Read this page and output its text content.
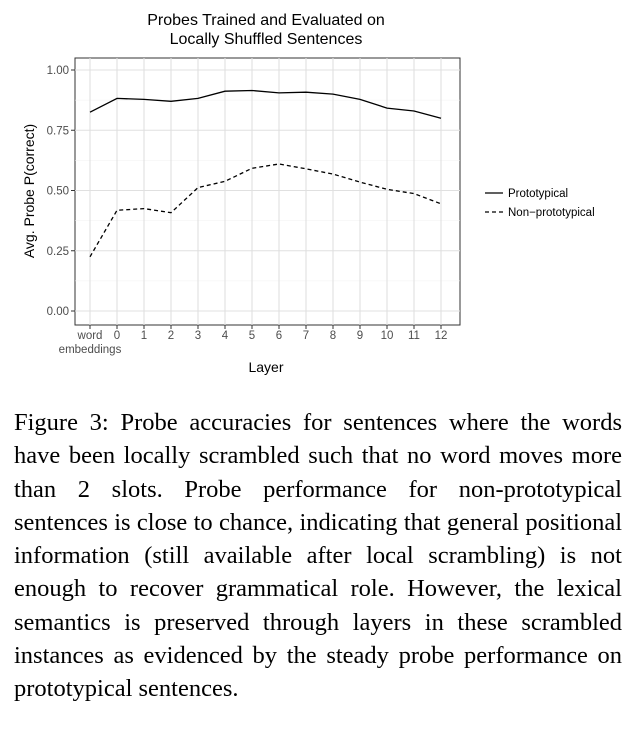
Probes Trained and Evaluated on Locally Shuffled Sentences
0.00
0.25
0.50
0.75
1.00
word embeddings
0 1 2 3 4 5 6 7 8 9 10 11 12
Layer
Avg. Probe P(correct)	Prototypical
Non−prototypical

Figure 3: Probe accuracies for sentences where the words have been locally scrambled such that no word moves more than 2 slots. Probe performance for non-prototypical sentences is close to chance, indicating that general positional information (still available after local scrambling) is not enough to recover grammatical role. However, the lexical semantics is preserved through layers in these scrambled instances as evidenced by the steady probe performance on prototypical sentences.
